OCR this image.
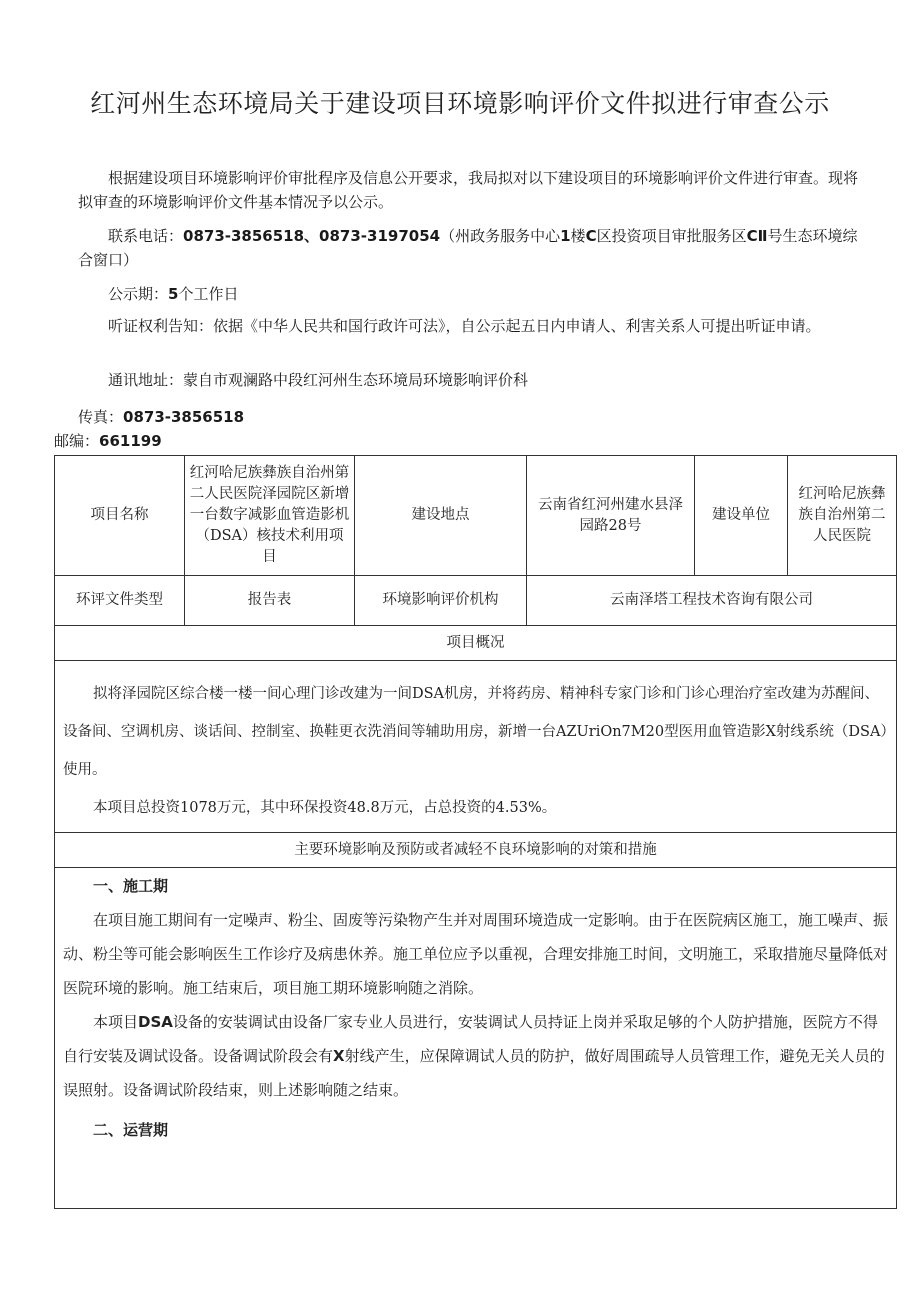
红河州生态环境局关于建设项目环境影响评价文件拟进行审查公示
根据建设项目环境影响评价审批程序及信息公开要求，我局拟对以下建设项目的环境影响评价文件进行审查。现将拟审查的环境影响评价文件基本情况予以公示。
联系电话：0873-3856518、0873-3197054（州政务服务中心1楼C区投资项目审批服务区CⅡ号生态环境综合窗口）
公示期：5个工作日
听证权利告知：依据《中华人民共和国行政许可法》，自公示起五日内申请人、利害关系人可提出听证申请。
通讯地址：蒙自市观澜路中段红河州生态环境局环境影响评价科
传真：0873-3856518
邮编：661199
项目名称	红河哈尼族彝族自治州第二人民医院泽园院区新增一台数字减影血管造影机（DSA）核技术利用项目	建设地点	云南省红河州建水县泽园路28号	建设单位	红河哈尼族彝族自治州第二人民医院
环评文件类型	报告表	环境影响评价机构	云南泽塔工程技术咨询有限公司		
项目概况					

拟将泽园院区综合楼一楼一间心理门诊改建为一间DSA机房，并将药房、精神科专家门诊和门诊心理治疗室改建为苏醒间、设备间、空调机房、谈话间、控制室、换鞋更衣洗消间等辅助用房，新增一台AZUriOn7M20型医用血管造影X射线系统（DSA）使用。

本项目总投资1078万元，其中环保投资48.8万元，占总投资的4.53%。					

主要环境影响及预防或者减轻不良环境影响的对策和措施					

一、施工期

在项目施工期间有一定噪声、粉尘、固废等污染物产生并对周围环境造成一定影响。由于在医院病区施工，施工噪声、振动、粉尘等可能会影响医生工作诊疗及病患休养。施工单位应予以重视，合理安排施工时间，文明施工，采取措施尽量降低对医院环境的影响。施工结束后，项目施工期环境影响随之消除。

本项目DSA设备的安装调试由设备厂家专业人员进行，安装调试人员持证上岗并采取足够的个人防护措施，医院方不得自行安装及调试设备。设备调试阶段会有X射线产生，应保障调试人员的防护，做好周围疏导人员管理工作，避免无关人员的误照射。设备调试阶段结束，则上述影响随之结束。

二、运营期					
